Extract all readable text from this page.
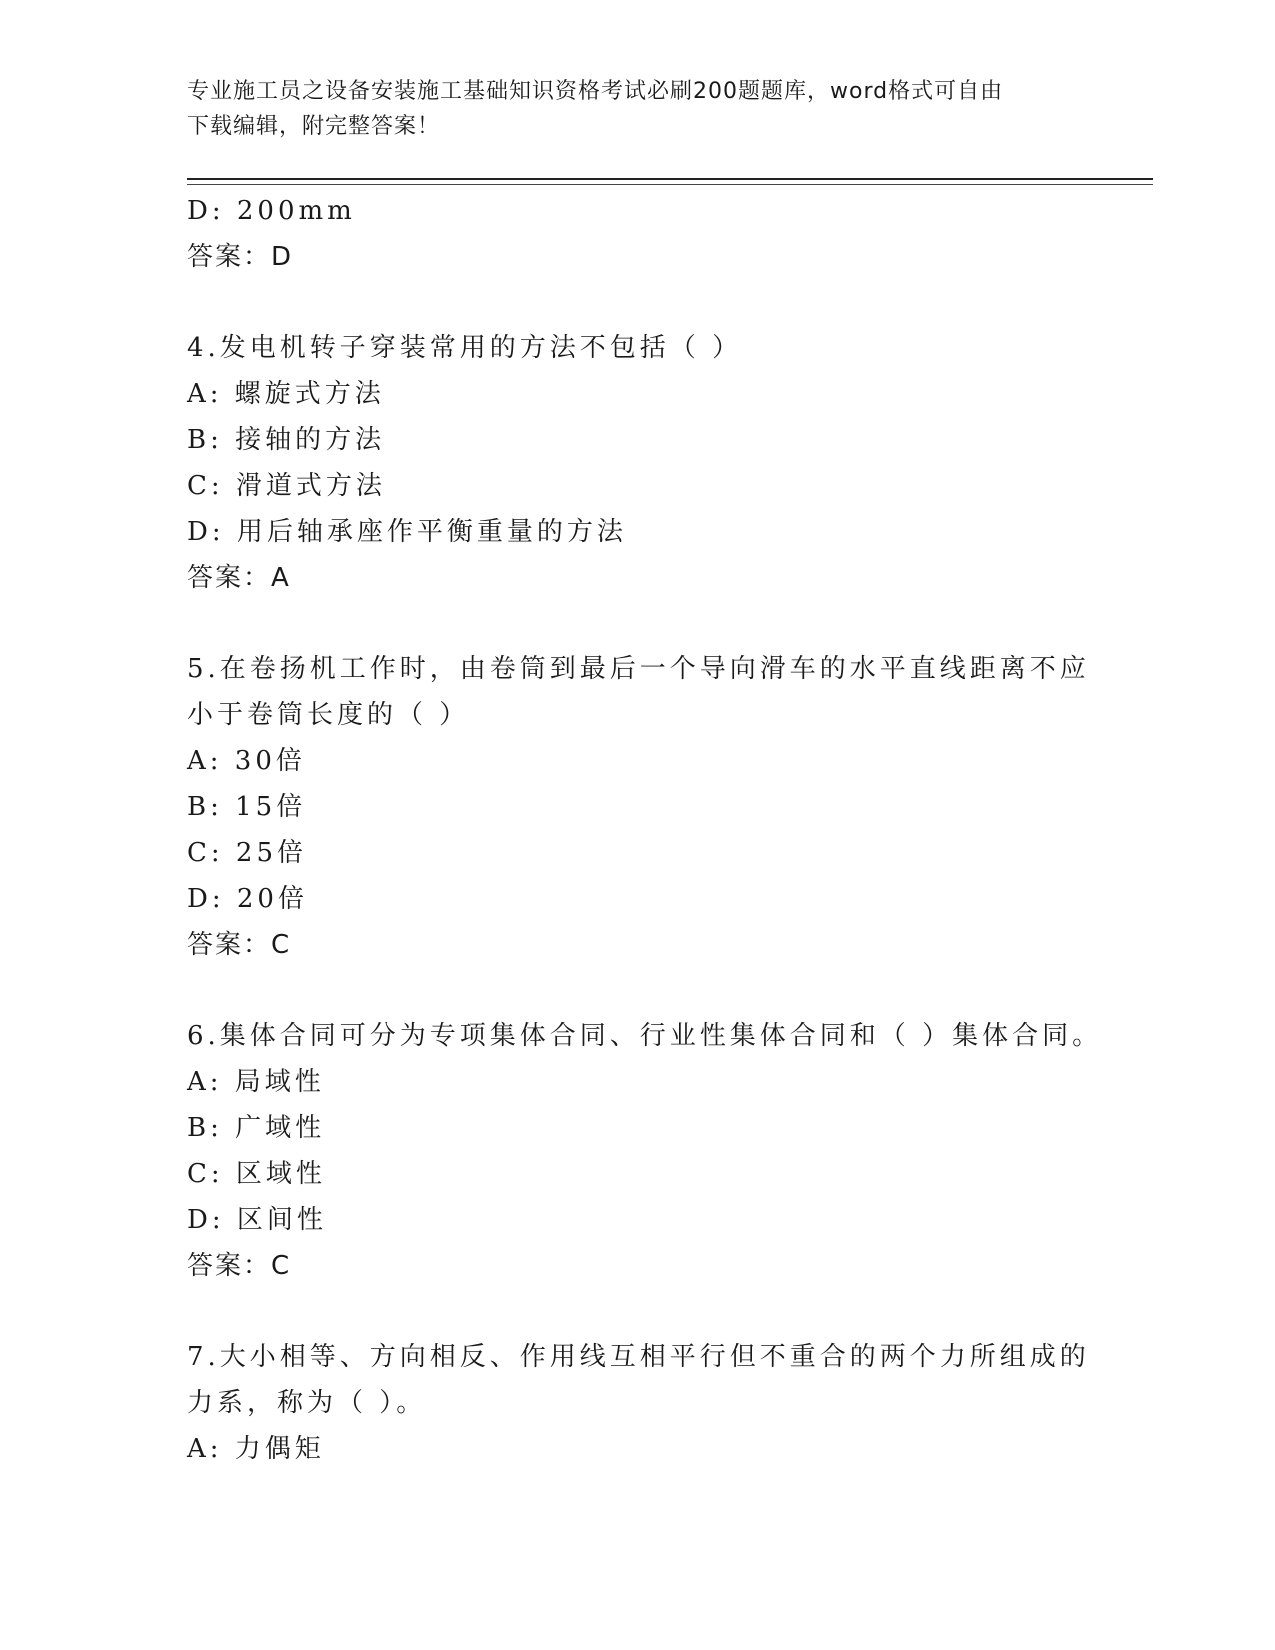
专业施工员之设备安装施工基础知识资格考试必刷200题题库，word格式可自由
下载编辑，附完整答案！
D: 200mm
答案：D
4.发电机转子穿装常用的方法不包括（ ）
A: 螺旋式方法
B: 接轴的方法
C: 滑道式方法
D: 用后轴承座作平衡重量的方法
答案：A
5.在卷扬机工作时，由卷筒到最后一个导向滑车的水平直线距离不应
小于卷筒长度的（ ）
A: 30倍
B: 15倍
C: 25倍
D: 20倍
答案：C
6.集体合同可分为专项集体合同、行业性集体合同和（ ）集体合同。
A: 局域性
B: 广域性
C: 区域性
D: 区间性
答案：C
7.大小相等、方向相反、作用线互相平行但不重合的两个力所组成的
力系，称为（ ）。
A: 力偶矩
